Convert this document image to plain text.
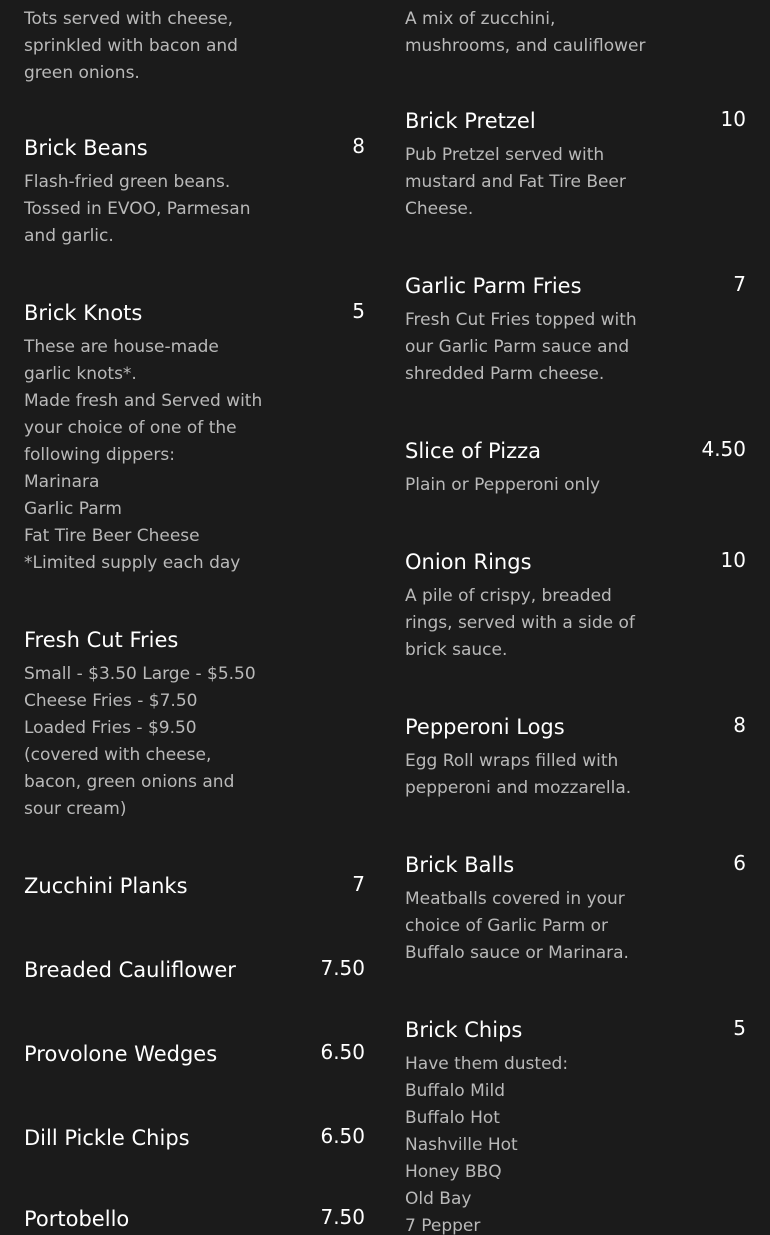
Tots served with cheese, sprinkled with bacon and green onions.
Brick Beans	8
Flash-fried green beans.
Tossed in EVOO, Parmesan and garlic.
Brick Knots	5
These are house-made garlic knots*.
Made fresh and Served with your choice of one of the following dippers:
Marinara
Garlic Parm
Fat Tire Beer Cheese
*Limited supply each day
Fresh Cut Fries
Small - $3.50 Large - $5.50
Cheese Fries - $7.50
Loaded Fries - $9.50
(covered with cheese, bacon, green onions and sour cream)
Zucchini Planks	7
Breaded Cauliflower	7.50
Provolone Wedges	6.50
Dill Pickle Chips	6.50
Portobello	7.50
A mix of zucchini, mushrooms, and cauliflower
Brick Pretzel	10
Pub Pretzel served with mustard and Fat Tire Beer Cheese.
Garlic Parm Fries	7
Fresh Cut Fries topped with our Garlic Parm sauce and shredded Parm cheese.
Slice of Pizza	4.50
Plain or Pepperoni only
Onion Rings	10
A pile of crispy, breaded rings, served with a side of brick sauce.
Pepperoni Logs	8
Egg Roll wraps filled with pepperoni and mozzarella.
Brick Balls	6
Meatballs covered in your choice of Garlic Parm or Buffalo sauce or Marinara.
Brick Chips	5
Have them dusted:
Buffalo Mild
Buffalo Hot
Nashville Hot
Honey BBQ
Old Bay
7 Pepper
